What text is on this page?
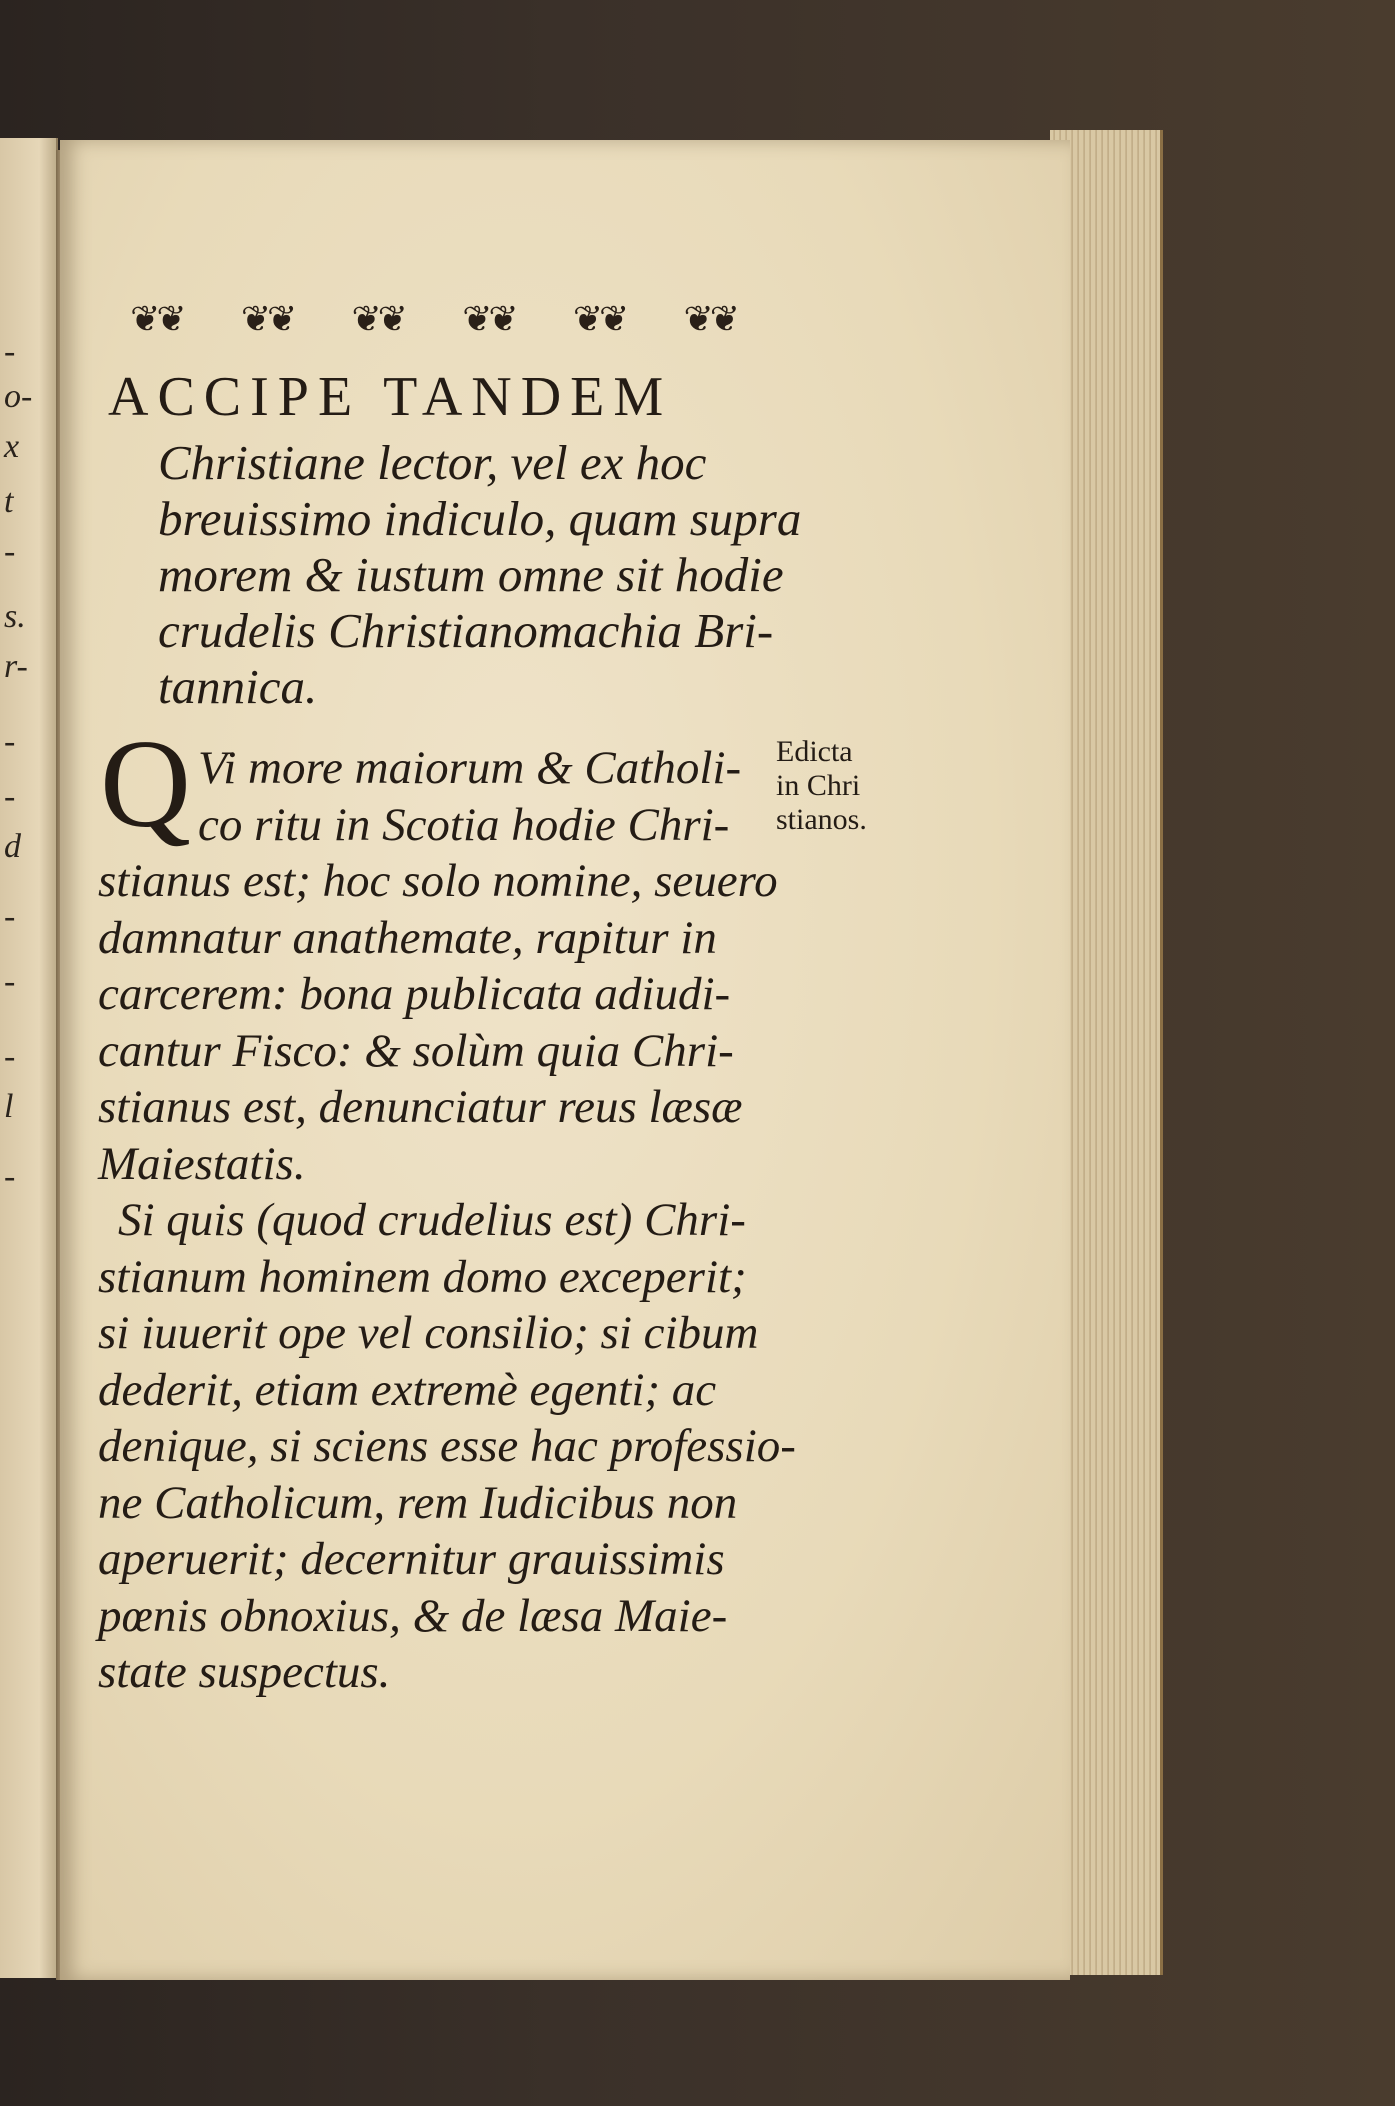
-
o-
x
t
-
s.
r-
-
-
d
-
-
-
l
-
❦❦	❦❦	❦❦	❦❦	❦❦	❦❦
ACCIPE TANDEM
Christiane lector, vel ex hoc
breuissimo indiculo, quam supra
morem & iustum omne sit hodie
crudelis Christianomachia Bri-
tannica.
Q Vi more maiorum & Catholi-
co ritu in Scotia hodie Chri-
stianus est; hoc solo nomine, seuero
damnatur anathemate, rapitur in
carcerem: bona publicata adiudi-
cantur Fisco: & solùm quia Chri-
stianus est, denunciatur reus læsæ
Maiestatis.
Si quis (quod crudelius est) Chri-
stianum hominem domo exceperit;
si iuuerit ope vel consilio; si cibum
dederit, etiam extremè egenti; ac
denique, si sciens esse hac professio-
ne Catholicum, rem Iudicibus non
aperuerit; decernitur grauissimis
pœnis obnoxius, & de læsa Maie-
state suspectus.
Edicta
in Chri
stianos.
